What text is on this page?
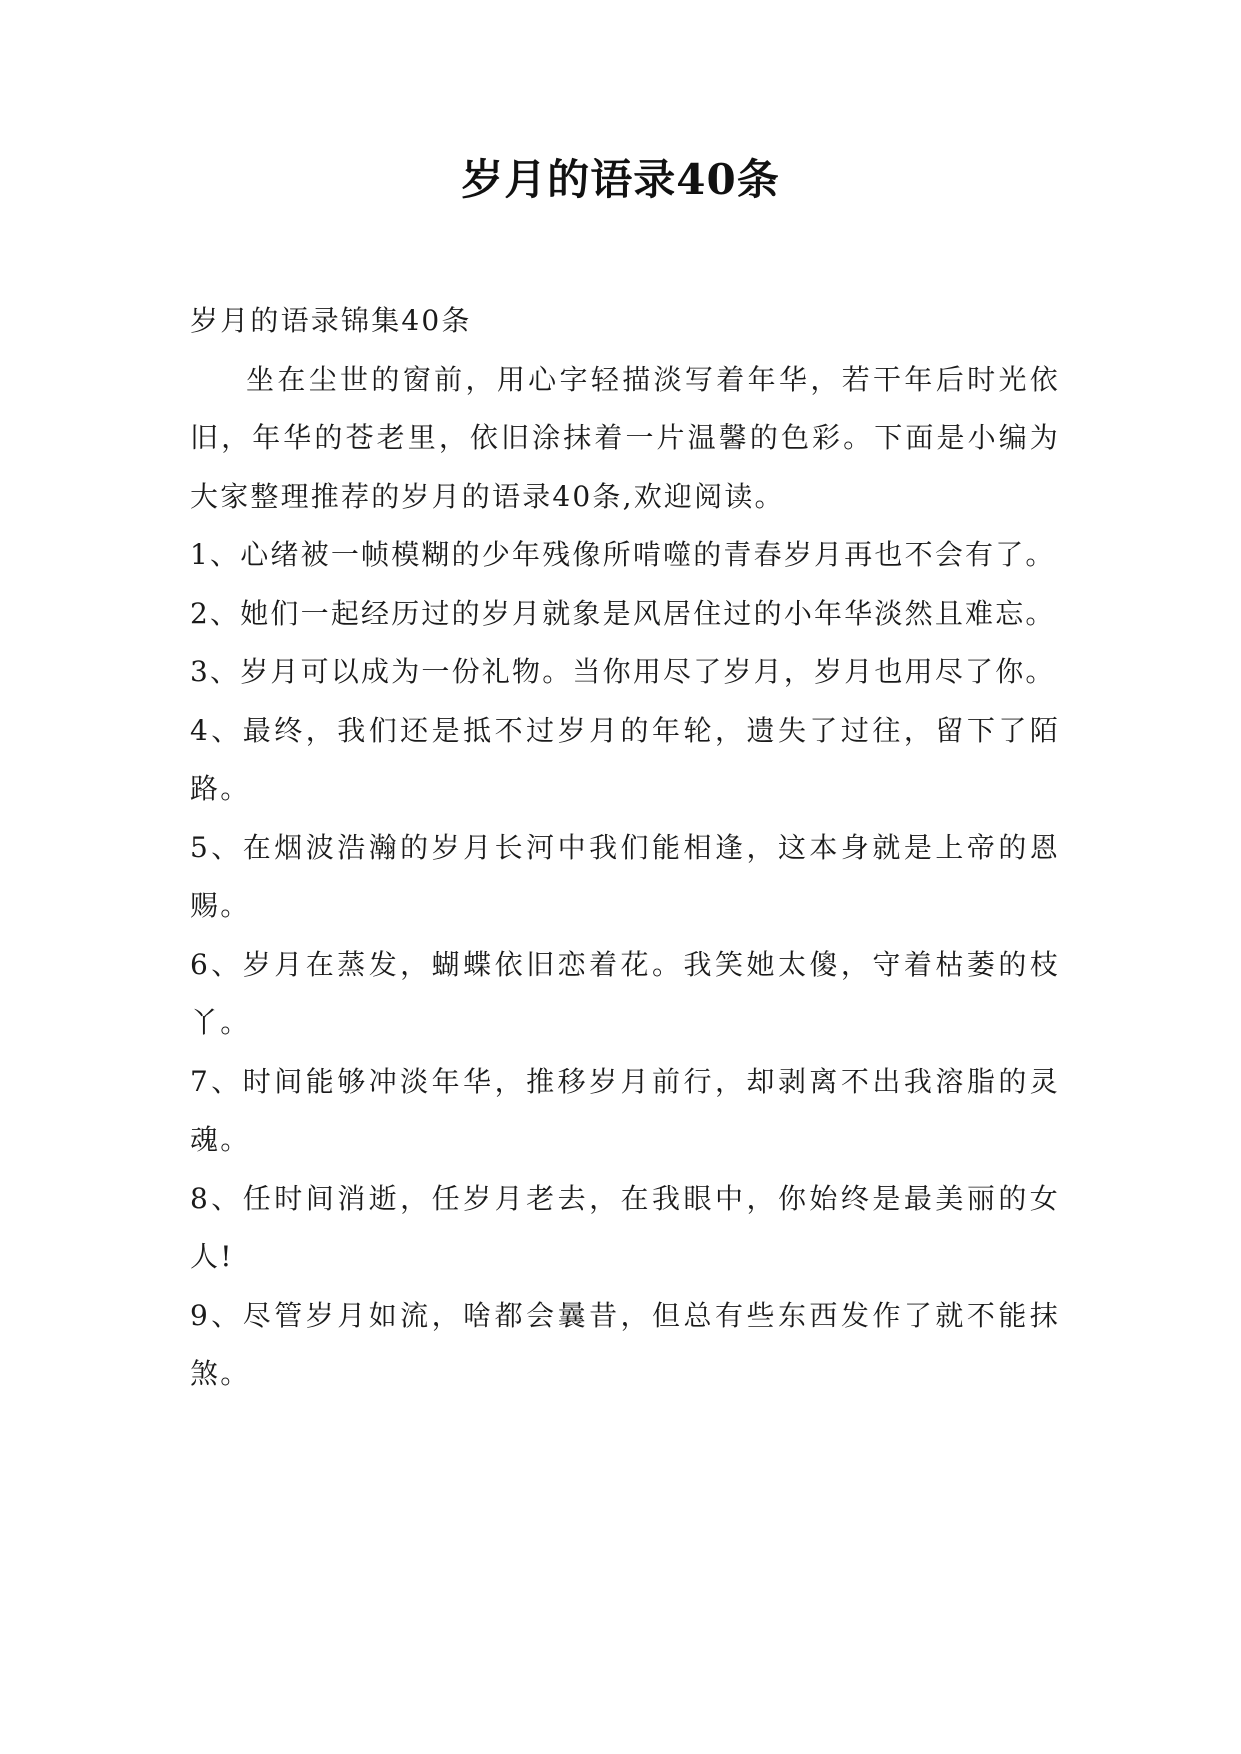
岁月的语录40条

岁月的语录锦集40条

坐在尘世的窗前，用心字轻描淡写着年华，若干年后时光依旧，年华的苍老里，依旧涂抹着一片温馨的色彩。下面是小编为大家整理推荐的岁月的语录40条,欢迎阅读。

1、心绪被一帧模糊的少年残像所啃噬的青春岁月再也不会有了。

2、她们一起经历过的岁月就象是风居住过的小年华淡然且难忘。

3、岁月可以成为一份礼物。当你用尽了岁月，岁月也用尽了你。

4、最终，我们还是抵不过岁月的年轮，遗失了过往，留下了陌路。

5、在烟波浩瀚的岁月长河中我们能相逢，这本身就是上帝的恩赐。

6、岁月在蒸发，蝴蝶依旧恋着花。我笑她太傻，守着枯萎的枝丫。

7、时间能够冲淡年华，推移岁月前行，却剥离不出我溶脂的灵魂。

8、任时间消逝，任岁月老去，在我眼中，你始终是最美丽的女人!

9、尽管岁月如流，啥都会曩昔，但总有些东西发作了就不能抹煞。
